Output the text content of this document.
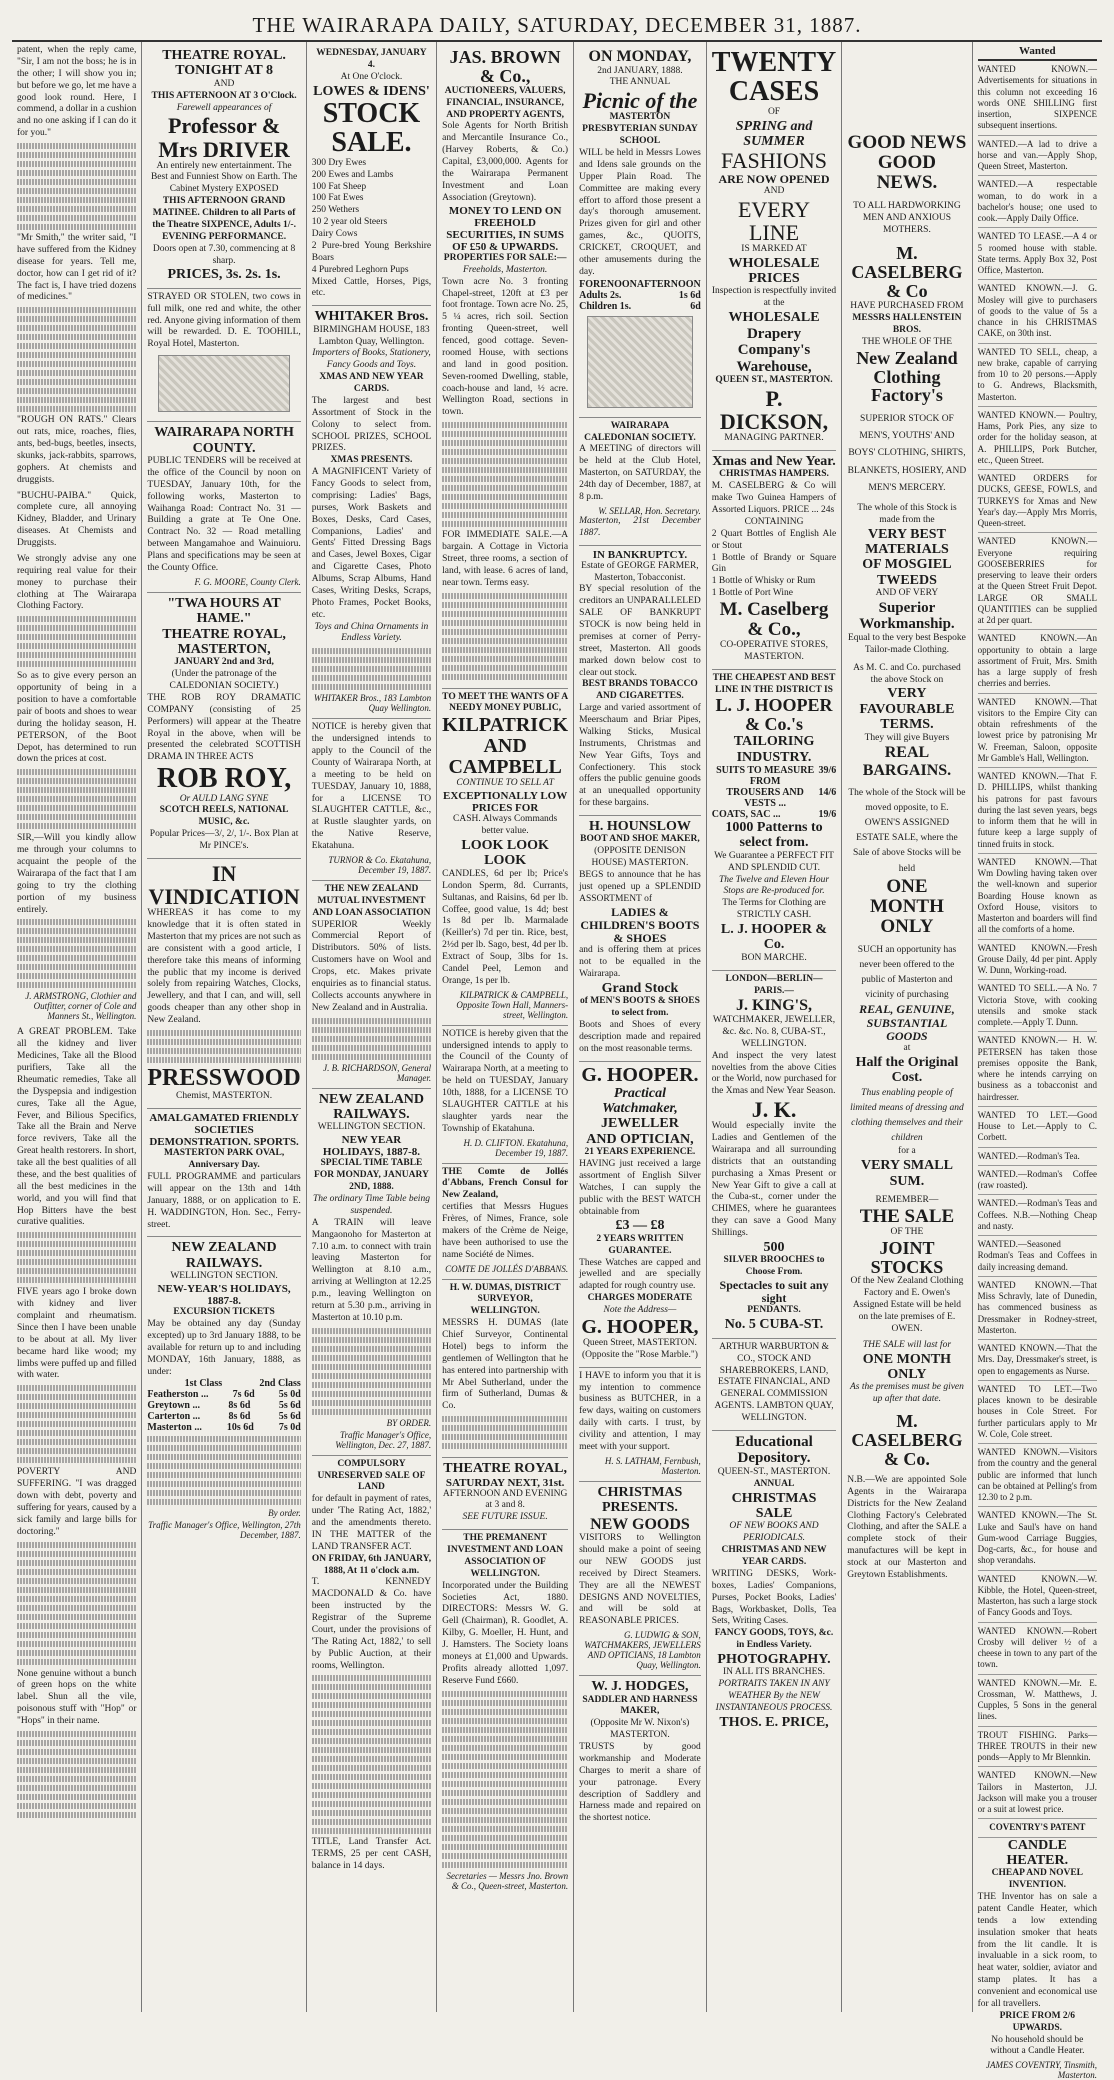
THE WAIRARAPA DAILY, SATURDAY, DECEMBER 31, 1887.
patent, when the reply came, "Sir, I am not the boss; he is in the other; I will show you in; but before we go, let me have a good look round. Here, I commend, a dollar in a cushion and no one asking if I can do it for you."
"Mr Smith," the writer said, "I have suffered from the Kidney disease for years. Tell me, doctor, how can I get rid of it? The fact is, I have tried dozens of medicines."
"ROUGH ON RATS." Clears out rats, mice, roaches, flies, ants, bed-bugs, beetles, insects, skunks, jack-rabbits, sparrows, gophers. At chemists and druggists.
"BUCHU-PAIBA." Quick, complete cure, all annoying Kidney, Bladder, and Urinary diseases. At Chemists and Druggists.
We strongly advise any one requiring real value for their money to purchase their clothing at The Wairarapa Clothing Factory.
So as to give every person an opportunity of being in a position to have a comfortable pair of boots and shoes to wear during the holiday season, H. PETERSON, of the Boot Depot, has determined to run down the prices at cost.
SIR,—Will you kindly allow me through your columns to acquaint the people of the Wairarapa of the fact that I am going to try the clothing portion of my business entirely.
J. ARMSTRONG, Clothier and Outfitter, corner of Cole and Manners St., Wellington.
A GREAT PROBLEM. Take all the kidney and liver Medicines, Take all the Blood purifiers, Take all the Rheumatic remedies, Take all the Dyspepsia and indigestion cures, Take all the Ague, Fever, and Bilious Specifics, Take all the Brain and Nerve force revivers, Take all the Great health restorers. In short, take all the best qualities of all these, and the best qualities of all the best medicines in the world, and you will find that Hop Bitters have the best curative qualities.
FIVE years ago I broke down with kidney and liver complaint and rheumatism. Since then I have been unable to be about at all. My liver became hard like wood; my limbs were puffed up and filled with water.
POVERTY AND SUFFERING. "I was dragged down with debt, poverty and suffering for years, caused by a sick family and large bills for doctoring."
None genuine without a bunch of green hops on the white label. Shun all the vile, poisonous stuff with "Hop" or "Hops" in their name.
THEATRE ROYAL.
TONIGHT AT 8
AND
THIS AFTERNOON AT 3 O'Clock.
Farewell appearances of
Professor & Mrs DRIVER
An entirely new entertainment. The Best and Funniest Show on Earth. The Cabinet Mystery EXPOSED
THIS AFTERNOON GRAND MATINEE. Children to all Parts of the Theatre SIXPENCE, Adults 1/-.
EVENING PERFORMANCE.
Doors open at 7.30, commencing at 8 sharp.
PRICES, 3s. 2s. 1s.
STRAYED OR STOLEN, two cows in full milk, one red and white, the other red. Anyone giving information of them will be rewarded. D. E. TOOHILL, Royal Hotel, Masterton.
WAIRARAPA NORTH COUNTY.
PUBLIC TENDERS will be received at the office of the Council by noon on TUESDAY, January 10th, for the following works, Masterton to Waihanga Road: Contract No. 31 — Building a grate at Te One One. Contract No. 32 — Road metalling between Mangamahoe and Wainuioru. Plans and specifications may be seen at the County Office.
F. G. MOORE, County Clerk.
"TWA HOURS AT HAME."
THEATRE ROYAL, MASTERTON,
JANUARY 2nd and 3rd,
(Under the patronage of the CALEDONIAN SOCIETY.)
THE ROB ROY DRAMATIC COMPANY (consisting of 25 Performers) will appear at the Theatre Royal in the above, when will be presented the celebrated SCOTTISH DRAMA IN THREE ACTS
ROB ROY,
Or AULD LANG SYNE
SCOTCH REELS, NATIONAL MUSIC, &c.
Popular Prices—3/, 2/, 1/-. Box Plan at Mr PINCE's.
IN VINDICATION
WHEREAS it has come to my knowledge that it is often stated in Masterton that my prices are not such as are consistent with a good article, I therefore take this means of informing the public that my income is derived solely from repairing Watches, Clocks, Jewellery, and that I can, and will, sell goods cheaper than any other shop in New Zealand.
PRESSWOOD
Chemist, MASTERTON.
AMALGAMATED FRIENDLY SOCIETIES DEMONSTRATION. SPORTS.
MASTERTON PARK OVAL, Anniversary Day.
FULL PROGRAMME and particulars will appear on the 13th and 14th January, 1888, or on application to E. H. WADDINGTON, Hon. Sec., Ferry-street.
NEW ZEALAND RAILWAYS.
WELLINGTON SECTION.
NEW-YEAR'S HOLIDAYS, 1887-8.
EXCURSION TICKETS
May be obtained any day (Sunday excepted) up to 3rd January 1888, to be available for return up to and including MONDAY, 16th January, 1888, as under:
1st Class	2nd Class
Featherston ... 7s 6d 5s 0d
Greytown ...	8s 6d	5s 6d
Carterton ...	8s 6d	5s 6d
Masterton ...	10s 6d	7s 0d
By order.
Traffic Manager's Office, Wellington, 27th December, 1887.
WEDNESDAY, JANUARY 4.
At One O'clock.
LOWES & IDENS'
STOCK SALE.
300 Dry Ewes
200 Ewes and Lambs
100 Fat Sheep
100 Fat Ewes
250 Wethers
10 2 year old Steers
Dairy Cows
2 Pure-bred Young Berkshire Boars
4 Purebred Leghorn Pups
Mixed Cattle, Horses, Pigs, etc.
WHITAKER Bros.
BIRMINGHAM HOUSE, 183 Lambton Quay, Wellington.
Importers of Books, Stationery, Fancy Goods and Toys.
XMAS AND NEW YEAR CARDS.
The largest and best Assortment of Stock in the Colony to select from. SCHOOL PRIZES, SCHOOL PRIZES.
XMAS PRESENTS.
A MAGNIFICENT Variety of Fancy Goods to select from, comprising: Ladies' Bags, purses, Work Baskets and Boxes, Desks, Card Cases, Companions, Ladies' and Gents' Fitted Dressing Bags and Cases, Jewel Boxes, Cigar and Cigarette Cases, Photo Albums, Scrap Albums, Hand Cases, Writing Desks, Scraps, Photo Frames, Pocket Books, etc.
Toys and China Ornaments in Endless Variety.
WHITAKER Bros., 183 Lambton Quay Wellington.
NOTICE is hereby given that the undersigned intends to apply to the Council of the County of Wairarapa North, at a meeting to be held on TUESDAY, January 10, 1888, for a LICENSE TO SLAUGHTER CATTLE, &c., at Rustle slaughter yards, on the Native Reserve, Ekatahuna.
TURNOR & Co. Ekatahuna, December 19, 1887.
THE NEW ZEALAND MUTUAL INVESTMENT AND LOAN ASSOCIATION
SUPERIOR Weekly Commercial Report of Distributors. 50% of lists. Customers have on Wool and Crops, etc. Makes private enquiries as to financial status. Collects accounts anywhere in New Zealand and in Australia.
J. B. RICHARDSON, General Manager.
NEW ZEALAND RAILWAYS.
WELLINGTON SECTION.
NEW YEAR HOLIDAYS, 1887-8.
SPECIAL TIME TABLE FOR MONDAY, JANUARY 2ND, 1888.
The ordinary Time Table being suspended.
A TRAIN will leave Mangaonoho for Masterton at 7.10 a.m. to connect with train leaving Masterton for Wellington at 8.10 a.m., arriving at Wellington at 12.25 p.m., leaving Wellington on return at 5.30 p.m., arriving in Masterton at 10.10 p.m.
BY ORDER.
Traffic Manager's Office, Wellington, Dec. 27, 1887.
COMPULSORY UNRESERVED SALE OF LAND
for default in payment of rates, under 'The Rating Act, 1882,' and the amendments thereto. IN THE MATTER of the LAND TRANSFER ACT.
ON FRIDAY, 6th JANUARY, 1888, At 11 o'clock a.m.
T. KENNEDY MACDONALD & Co. have been instructed by the Registrar of the Supreme Court, under the provisions of 'The Rating Act, 1882,' to sell by Public Auction, at their rooms, Wellington.
TITLE, Land Transfer Act. TERMS, 25 per cent CASH, balance in 14 days.
JAS. BROWN & Co.,
AUCTIONEERS, VALUERS, FINANCIAL, INSURANCE, AND PROPERTY AGENTS,
Sole Agents for North British and Mercantile Insurance Co., (Harvey Roberts, & Co.) Capital, £3,000,000. Agents for the Wairarapa Permanent Investment and Loan Association (Greytown).
MONEY TO LEND ON FREEHOLD SECURITIES, IN SUMS OF £50 & UPWARDS.
PROPERTIES FOR SALE:—
Freeholds, Masterton.
Town acre No. 3 fronting Chapel-street, 120ft at £3 per foot frontage. Town acre No. 25, 5 ¼ acres, rich soil. Section fronting Queen-street, well fenced, good cottage. Seven-roomed House, with sections and land in good position. Seven-roomed Dwelling, stable, coach-house and land, ½ acre. Wellington Road, sections in town.
FOR IMMEDIATE SALE.—A bargain. A Cottage in Victoria Street, three rooms, a section of land, with lease. 6 acres of land, near town. Terms easy.
TO MEET THE WANTS OF A NEEDY MONEY PUBLIC,
KILPATRICK AND CAMPBELL
CONTINUE TO SELL AT
EXCEPTIONALLY LOW PRICES FOR
CASH. Always Commands better value.
LOOK LOOK LOOK
CANDLES, 6d per lb; Price's London Sperm, 8d. Currants, Sultanas, and Raisins, 6d per lb. Coffee, good value, 1s 4d; best 1s 8d per lb. Marmalade (Keiller's) 7d per tin. Rice, best, 2½d per lb. Sago, best, 4d per lb. Extract of Soup, 3lbs for 1s. Candel Peel, Lemon and Orange, 1s per lb.
KILPATRICK & CAMPBELL, Opposite Town Hall, Manners-street, Wellington.
NOTICE is hereby given that the undersigned intends to apply to the Council of the County of Wairarapa North, at a meeting to be held on TUESDAY, January 10th, 1888, for a LICENSE TO SLAUGHTER CATTLE at his slaughter yards near the Township of Ekatahuna.
H. D. CLIFTON. Ekatahuna, December 19, 1887.
THE Comte de Jollés d'Abbans, French Consul for New Zealand,
certifies that Messrs Hugues Frères, of Nimes, France, sole makers of the Crème de Neige, have been authorised to use the name Société de Nimes.
COMTE DE JOLLÉS D'ABBANS.
H. W. DUMAS, DISTRICT SURVEYOR, WELLINGTON.
MESSRS H. DUMAS (late Chief Surveyor, Continental Hotel) begs to inform the gentlemen of Wellington that he has entered into partnership with Mr Abel Sutherland, under the firm of Sutherland, Dumas & Co.
THEATRE ROYAL,
SATURDAY NEXT, 31st.
AFTERNOON AND EVENING at 3 and 8.
SEE FUTURE ISSUE.
THE PREMANENT INVESTMENT AND LOAN ASSOCIATION OF WELLINGTON.
Incorporated under the Building Societies Act, 1880. DIRECTORS: Messrs W. G. Gell (Chairman), R. Goodlet, A. Kilby, G. Moeller, H. Hunt, and J. Hamsters. The Society loans moneys at £1,000 and Upwards. Profits already allotted 1,097. Reserve Fund £660.
Secretaries — Messrs Jno. Brown & Co., Queen-street, Masterton.
ON MONDAY,
2nd JANUARY, 1888.
THE ANNUAL
Picnic of the
MASTERTON PRESBYTERIAN SUNDAY SCHOOL
WILL be held in Messrs Lowes and Idens sale grounds on the Upper Plain Road. The Committee are making every effort to afford those present a day's thorough amusement. Prizes given for girl and other games, &c., QUOITS, CRICKET, CROQUET, and other amusements during the day.
FORENOON AFTERNOON
Adults 2s.	1s 6d
Children 1s.	6d
WAIRARAPA CALEDONIAN SOCIETY.
A MEETING of directors will be held at the Club Hotel, Masterton, on SATURDAY, the 24th day of December, 1887, at 8 p.m.
W. SELLAR, Hon. Secretary.
Masterton, 21st December 1887.
IN BANKRUPTCY.
Estate of GEORGE FARMER, Masterton, Tobacconist.
BY special resolution of the creditors an UNPARALLELED SALE OF BANKRUPT STOCK is now being held in premises at corner of Perry-street, Masterton. All goods marked down below cost to clear out stock.
BEST BRANDS TOBACCO AND CIGARETTES.
Large and varied assortment of Meerschaum and Briar Pipes, Walking Sticks, Musical Instruments, Christmas and New Year Gifts, Toys and Confectionery. This stock offers the public genuine goods at an unequalled opportunity for these bargains.
H. HOUNSLOW
BOOT AND SHOE MAKER,
(OPPOSITE DENISON HOUSE) MASTERTON.
BEGS to announce that he has just opened up a SPLENDID ASSORTMENT of
LADIES & CHILDREN'S BOOTS & SHOES
and is offering them at prices not to be equalled in the Wairarapa.
Grand Stock
of MEN'S BOOTS & SHOES to select from.
Boots and Shoes of every description made and repaired on the most reasonable terms.
G. HOOPER.
Practical Watchmaker,
JEWELLER
AND OPTICIAN,
21 YEARS EXPERIENCE.
HAVING just received a large assortment of English Silver Watches, I can supply the public with the BEST WATCH obtainable from
£3 — £8
2 YEARS WRITTEN GUARANTEE.
These Watches are capped and jewelled and are specially adapted for rough country use.
CHARGES MODERATE
Note the Address—
G. HOOPER,
Queen Street, MASTERTON.
(Opposite the "Rose Marble.")
I HAVE to inform you that it is my intention to commence business as BUTCHER, in a few days, waiting on customers daily with carts. I trust, by civility and attention, I may meet with your support.
H. S. LATHAM, Fernbush, Masterton.
CHRISTMAS PRESENTS.
NEW GOODS
VISITORS to Wellington should make a point of seeing our NEW GOODS just received by Direct Steamers. They are all the NEWEST DESIGNS AND NOVELTIES, and will be sold at REASONABLE PRICES.
G. LUDWIG & SON, WATCHMAKERS, JEWELLERS AND OPTICIANS, 18 Lambton Quay, Wellington.
W. J. HODGES,
SADDLER AND HARNESS MAKER,
(Opposite Mr W. Nixon's) MASTERTON.
TRUSTS by good workmanship and Moderate Charges to merit a share of your patronage. Every description of Saddlery and Harness made and repaired on the shortest notice.
TWENTY
CASES
OF
SPRING and SUMMER
FASHIONS
ARE NOW OPENED
AND
EVERY LINE
IS MARKED AT
WHOLESALE PRICES
Inspection is respectfully invited at the
WHOLESALE
Drapery Company's Warehouse,
QUEEN ST., MASTERTON.
P. DICKSON,
MANAGING PARTNER.
Xmas and New Year.
CHRISTMAS HAMPERS.
M. CASELBERG & Co will make Two Guinea Hampers of Assorted Liquors. PRICE ... 24s
CONTAINING
2 Quart Bottles of English Ale or Stout
1 Bottle of Brandy or Square Gin
1 Bottle of Whisky or Rum
1 Bottle of Port Wine
M. Caselberg & Co.,
CO-OPERATIVE STORES, MASTERTON.
THE CHEAPEST AND BEST LINE IN THE DISTRICT IS
L. J. HOOPER & Co.'s
TAILORING INDUSTRY.
SUITS TO MEASURE FROM
39/6
TROUSERS AND VESTS ...
14/6
COATS, SAC ...	19/6
1000 Patterns to select from.
We Guarantee a PERFECT FIT AND SPLENDID CUT.
The Twelve and Eleven Hour Stops are Re-produced for.
The Terms for Clothing are STRICTLY CASH.
L. J. HOOPER & Co.
BON MARCHE.
LONDON—BERLIN—PARIS.—
J. KING'S,
WATCHMAKER, JEWELLER, &c. &c. No. 8, CUBA-ST., WELLINGTON.
And inspect the very latest novelties from the above Cities or the World, now purchased for the Xmas and New Year Season.
J. K.
Would especially invite the Ladies and Gentlemen of the Wairarapa and all surrounding districts that an outstanding purchasing a Xmas Present or New Year Gift to give a call at the Cuba-st., corner under the CHIMES, where he guarantees they can save a Good Many Shillings.
500
SILVER BROOCHES to Choose From.
Spectacles to suit any sight
PENDANTS.
No. 5 CUBA-ST.
ARTHUR WARBURTON & CO., STOCK AND SHAREBROKERS, LAND, ESTATE FINANCIAL, AND GENERAL COMMISSION AGENTS. LAMBTON QUAY, WELLINGTON.
Educational Depository.
QUEEN-ST., MASTERTON.
ANNUAL
CHRISTMAS SALE
OF NEW BOOKS AND PERIODICALS.
CHRISTMAS AND NEW YEAR CARDS.
WRITING DESKS, Work-boxes, Ladies' Companions, Purses, Pocket Books, Ladies' Bags, Workbasket, Dolls, Tea Sets, Writing Cases.
FANCY GOODS, TOYS, &c. in Endless Variety.
PHOTOGRAPHY.
IN ALL ITS BRANCHES.
PORTRAITS TAKEN IN ANY WEATHER By the NEW INSTANTANEOUS PROCESS.
THOS. E. PRICE,
GOOD NEWS
GOOD NEWS.
TO ALL HARDWORKING MEN AND ANXIOUS MOTHERS.
M. CASELBERG & Co
HAVE PURCHASED FROM
MESSRS HALLENSTEIN BROS.
THE WHOLE OF THE
New Zealand Clothing Factory's
SUPERIOR STOCK OF MEN'S, YOUTHS' AND BOYS' CLOTHING, SHIRTS, BLANKETS, HOSIERY, AND MEN'S MERCERY.
The whole of this Stock is made from the
VERY BEST MATERIALS
OF MOSGIEL TWEEDS
AND OF VERY
Superior Workmanship.
Equal to the very best Bespoke Tailor-made Clothing.
As M. C. and Co. purchased the above Stock on
VERY FAVOURABLE TERMS.
They will give Buyers
REAL BARGAINS.
The whole of the Stock will be moved opposite, to E. OWEN'S ASSIGNED ESTATE SALE, where the Sale of above Stocks will be held
ONE MONTH ONLY
SUCH an opportunity has never been offered to the public of Masterton and vicinity of purchasing
REAL, GENUINE, SUBSTANTIAL GOODS
at
Half the Original Cost.
Thus enabling people of limited means of dressing and clothing themselves and their children
for a
VERY SMALL SUM.
REMEMBER—
THE SALE
OF THE
JOINT STOCKS
Of the New Zealand Clothing Factory and E. Owen's Assigned Estate will be held on the late premises of E. OWEN.
THE SALE will last for
ONE MONTH ONLY
As the premises must be given up after that date.
M. CASELBERG & Co.
N.B.—We are appointed Sole Agents in the Wairarapa Districts for the New Zealand Clothing Factory's Celebrated Clothing, and after the SALE a complete stock of their manufactures will be kept in stock at our Masterton and Greytown Establishments.
Wanted
WANTED KNOWN.—Advertisements for situations in this column not exceeding 16 words ONE SHILLING first insertion, SIXPENCE subsequent insertions.
WANTED.—A lad to drive a horse and van.—Apply Shop, Queen Street, Masterton.
WANTED.—A respectable woman, to do work in a bachelor's house; one used to cook.—Apply Daily Office.
WANTED TO LEASE.—A 4 or 5 roomed house with stable. State terms. Apply Box 32, Post Office, Masterton.
WANTED KNOWN.—J. G. Mosley will give to purchasers of goods to the value of 5s a chance in his CHRISTMAS CAKE, on 30th inst.
WANTED TO SELL, cheap, a new brake, capable of carrying from 10 to 20 persons.—Apply to G. Andrews, Blacksmith, Masterton.
WANTED KNOWN.— Poultry, Hams, Pork Pies, any size to order for the holiday season, at A. PHILLIPS, Pork Butcher, etc., Queen Street.
WANTED ORDERS for DUCKS, GEESE, FOWLS, and TURKEYS for Xmas and New Year's day.—Apply Mrs Morris, Queen-street.
WANTED KNOWN.—Everyone requiring GOOSEBERRIES for preserving to leave their orders at the Queen Street Fruit Depot. LARGE OR SMALL QUANTITIES can be supplied at 2d per quart.
WANTED KNOWN.—An opportunity to obtain a large assortment of Fruit, Mrs. Smith has a large supply of fresh cherries and berries.
WANTED KNOWN.—That visitors to the Empire City can obtain refreshments of the lowest price by patronising Mr W. Freeman, Saloon, opposite Mr Gamble's Hall, Wellington.
WANTED KNOWN.—That F. D. PHILLIPS, whilst thanking his patrons for past favours during the last seven years, begs to inform them that he will in future keep a large supply of tinned fruits in stock.
WANTED KNOWN.—That Wm Dowling having taken over the well-known and superior Boarding House known as Oxford House, visitors to Masterton and boarders will find all the comforts of a home.
WANTED KNOWN.—Fresh Grouse Daily, 4d per pint. Apply W. Dunn, Working-road.
WANTED TO SELL.—A No. 7 Victoria Stove, with cooking utensils and smoke stack complete.—Apply T. Dunn.
WANTED KNOWN.— H. W. PETERSEN has taken those premises opposite the Bank, where he intends carrying on business as a tobacconist and hairdresser.
WANTED TO LET.—Good House to Let.—Apply to C. Corbett.
WANTED.—Rodman's Tea.
WANTED.—Rodman's Coffee (raw roasted).
WANTED.—Rodman's Teas and Coffees. N.B.—Nothing Cheap and nasty.
WANTED.—Seasoned Rodman's Teas and Coffees in daily increasing demand.
WANTED KNOWN.—That Miss Schravly, late of Dunedin, has commenced business as Dressmaker in Rodney-street, Masterton.
WANTED KNOWN.—That the Mrs. Day, Dressmaker's street, is open to engagements as Nurse.
WANTED TO LET.—Two places known to be desirable houses in Cole Street. For further particulars apply to Mr W. Cole, Cole street.
WANTED KNOWN.—Visitors from the country and the general public are informed that lunch can be obtained at Pelling's from 12.30 to 2 p.m.
WANTED KNOWN.—The St. Luke and Saul's have on hand Gum-wood Carriage Buggies, Dog-carts, &c., for house and shop verandahs.
WANTED KNOWN.—W. Kibble, the Hotel, Queen-street, Masterton, has such a large stock of Fancy Goods and Toys.
WANTED KNOWN.—Robert Crosby will deliver ½ of a cheese in town to any part of the town.
WANTED KNOWN.—Mr. E. Crossman, W. Matthews, J. Cupples, 5 Sons in the general lines.
TROUT FISHING. Parks—THREE TROUTS in their new ponds—Apply to Mr Blennkin.
WANTED KNOWN.—New Tailors in Masterton, J.J. Jackson will make you a trouser or a suit at lowest price.
COVENTRY'S PATENT
CANDLE HEATER.
CHEAP AND NOVEL INVENTION.
THE Inventor has on sale a patent Candle Heater, which tends a low extending insulation smoker that heats from the lit candle. It is invaluable in a sick room, to heat water, soldier, aviator and stamp plates. It has a convenient and economical use for all travellers.
PRICE FROM 2/6 UPWARDS.
No household should be without a Candle Heater.
JAMES COVENTRY, Tinsmith, Masterton.
